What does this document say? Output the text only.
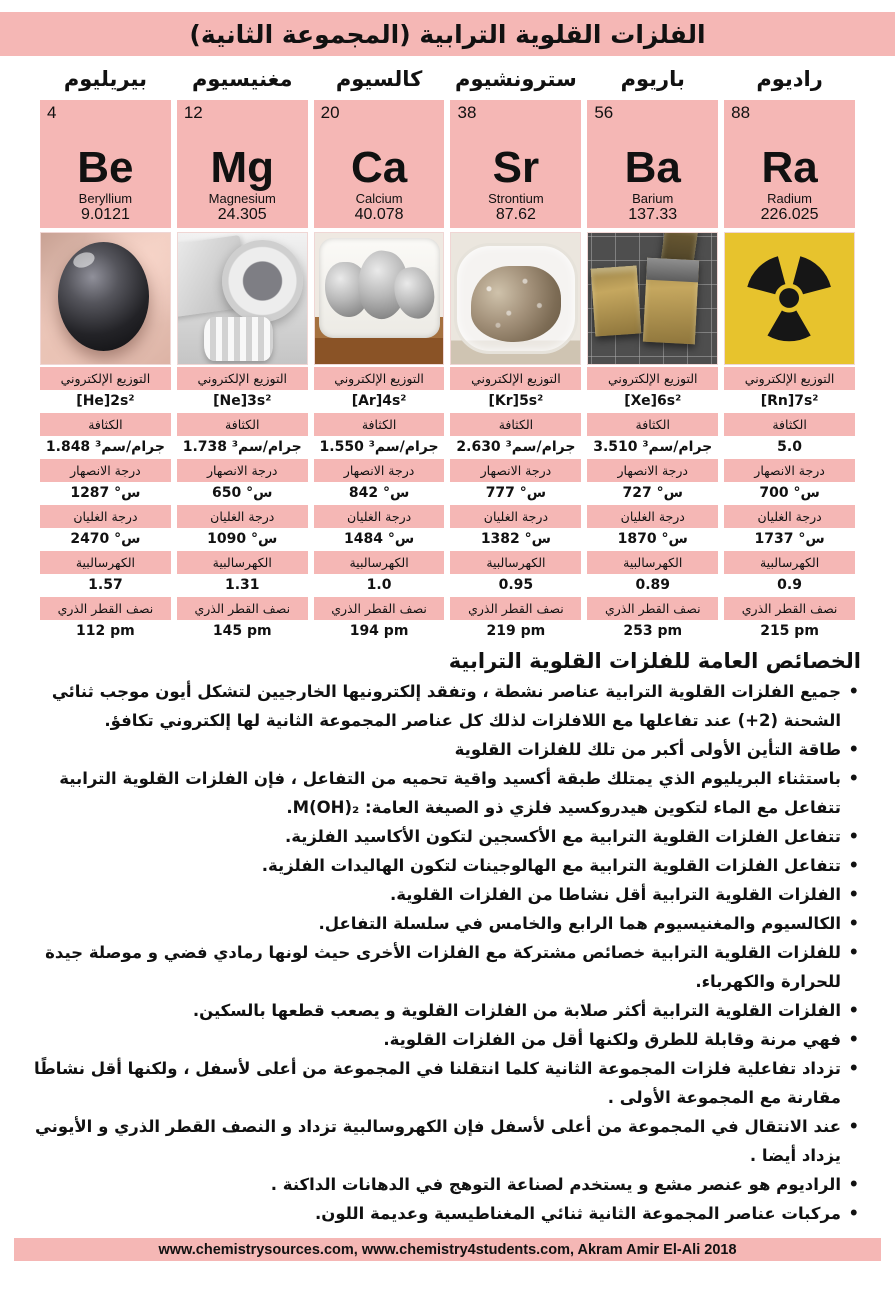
الفلزات القلوية الترابية (المجموعة الثانية)
بيريليوم
4
Be
Beryllium
9.0121
التوزيع الإلكتروني
[He]2s²
الكثافة
1.848 جرام/سم³
درجة الانصهار
1287 °س
درجة الغليان
2470 °س
الكهرسالبية
1.57
نصف القطر الذري
112 pm
مغنيسيوم
12
Mg
Magnesium
24.305
التوزيع الإلكتروني
[Ne]3s²
الكثافة
1.738 جرام/سم³
درجة الانصهار
650 °س
درجة الغليان
1090 °س
الكهرسالبية
1.31
نصف القطر الذري
145 pm
كالسيوم
20
Ca
Calcium
40.078
التوزيع الإلكتروني
[Ar]4s²
الكثافة
1.550 جرام/سم³
درجة الانصهار
842 °س
درجة الغليان
1484 °س
الكهرسالبية
1.0
نصف القطر الذري
194 pm
سترونشيوم
38
Sr
Strontium
87.62
التوزيع الإلكتروني
[Kr]5s²
الكثافة
2.630 جرام/سم³
درجة الانصهار
777 °س
درجة الغليان
1382 °س
الكهرسالبية
0.95
نصف القطر الذري
219 pm
باريوم
56
Ba
Barium
137.33
التوزيع الإلكتروني
[Xe]6s²
الكثافة
3.510 جرام/سم³
درجة الانصهار
727 °س
درجة الغليان
1870 °س
الكهرسالبية
0.89
نصف القطر الذري
253 pm
راديوم
88
Ra
Radium
226.025
التوزيع الإلكتروني
[Rn]7s²
الكثافة
5.0
درجة الانصهار
700 °س
درجة الغليان
1737 °س
الكهرسالبية
0.9
نصف القطر الذري
215 pm
الخصائص العامة للفلزات القلوية الترابية
• جميع الفلزات القلوية الترابية عناصر نشطة ، وتفقد إلكترونيها الخارجيين لتشكل أيون موجب ثنائي الشحنة (2+) عند تفاعلها مع اللافلزات لذلك كل عناصر المجموعة الثانية لها إلكتروني تكافؤ.
• طاقة التأين الأولى أكبر من تلك للفلزات القلوية
• باستثناء البريليوم الذي يمتلك طبقة أكسيد واقية تحميه من التفاعل ، فإن الفلزات القلوية الترابية تتفاعل مع الماء لتكوين هيدروكسيد فلزي ذو الصيغة العامة: M(OH)₂.
• تتفاعل الفلزات القلوية الترابية مع الأكسجين لتكون الأكاسيد الفلزية.
• تتفاعل الفلزات القلوية الترابية مع الهالوجينات لتكون الهاليدات الفلزية.
• الفلزات القلوية الترابية أقل نشاطا من الفلزات القلوية.
• الكالسيوم والمغنيسيوم هما الرابع والخامس في سلسلة التفاعل.
• للفلزات القلوية الترابية خصائص مشتركة مع الفلزات الأخرى حيث لونها رمادي فضي و موصلة جيدة للحرارة والكهرباء.
• الفلزات القلوية الترابية أكثر صلابة من الفلزات القلوية و يصعب قطعها بالسكين.
• فهي مرنة وقابلة للطرق ولكنها أقل من الفلزات القلوية.
• تزداد تفاعلية فلزات المجموعة الثانية كلما انتقلنا في المجموعة من أعلى لأسفل ، ولكنها أقل نشاطًا مقارنة مع المجموعة الأولى .
• عند الانتقال في المجموعة من أعلى لأسفل فإن الكهروسالبية تزداد و النصف القطر الذري و الأيوني يزداد أيضا .
• الراديوم هو عنصر مشع و يستخدم لصناعة التوهج في الدهانات الداكنة .
• مركبات عناصر المجموعة الثانية ثنائي المغناطيسية وعديمة اللون.
www.chemistrysources.com, www.chemistry4students.com, Akram Amir El-Ali 2018
